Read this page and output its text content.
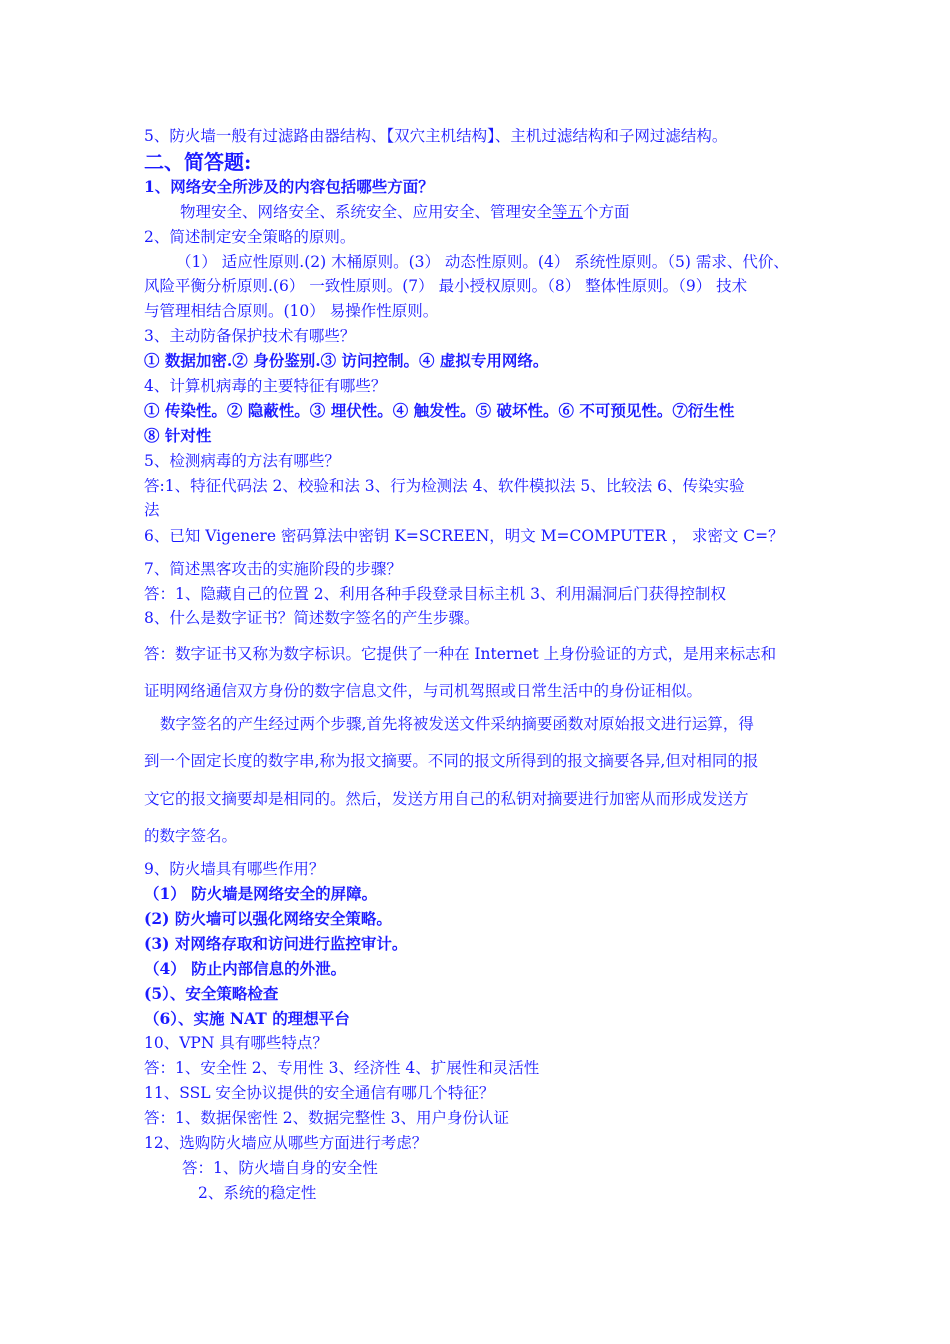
5、防火墙一般有过滤路由器结构、【双穴主机结构】、主机过滤结构和子网过滤结构。
二、简答题:
1、网络安全所涉及的内容包括哪些方面？
物理安全、网络安全、系统安全、应用安全、管理安全等五个方面
2、简述制定安全策略的原则。
（1） 适应性原则.(2) 木桶原则。(3） 动态性原则。(4） 系统性原则。（5) 需求、代价、
风险平衡分析原则.(6） 一致性原则。(7） 最小授权原则。（8） 整体性原则。（9） 技术
与管理相结合原则。(10） 易操作性原则。
3、主动防备保护技术有哪些？
① 数据加密.② 身份鉴别.③ 访问控制。④ 虚拟专用网络。
4、计算机病毒的主要特征有哪些？
① 传染性。② 隐蔽性。③ 埋伏性。④ 触发性。⑤ 破坏性。⑥ 不可预见性。⑦衍生性
⑧ 针对性
5、检测病毒的方法有哪些？
答:1、特征代码法 2、校验和法 3、行为检测法 4、软件模拟法 5、比较法 6、传染实验
法
6、已知 Vigenere 密码算法中密钥 K=SCREEN，明文 M=COMPUTER ， 求密文 C=？
7、简述黑客攻击的实施阶段的步骤？
答：1、隐藏自己的位置 2、利用各种手段登录目标主机 3、利用漏洞后门获得控制权
8、什么是数字证书？简述数字签名的产生步骤。
答：数字证书又称为数字标识。它提供了一种在 Internet 上身份验证的方式，是用来标志和
证明网络通信双方身份的数字信息文件，与司机驾照或日常生活中的身份证相似。
数字签名的产生经过两个步骤,首先将被发送文件采纳摘要函数对原始报文进行运算，得
到一个固定长度的数字串,称为报文摘要。不同的报文所得到的报文摘要各异,但对相同的报
文它的报文摘要却是相同的。然后，发送方用自己的私钥对摘要进行加密从而形成发送方
的数字签名。
9、防火墙具有哪些作用？
（1） 防火墙是网络安全的屏障。
(2) 防火墙可以强化网络安全策略。
(3) 对网络存取和访问进行监控审计。
（4） 防止内部信息的外泄。
(5）、安全策略检查
（6）、实施 NAT 的理想平台
10、VPN 具有哪些特点？
答：1、安全性 2、专用性 3、经济性 4、扩展性和灵活性
11、SSL 安全协议提供的安全通信有哪几个特征？
答：1、数据保密性 2、数据完整性 3、用户身份认证
12、选购防火墙应从哪些方面进行考虑？
答：1、防火墙自身的安全性
2、系统的稳定性
